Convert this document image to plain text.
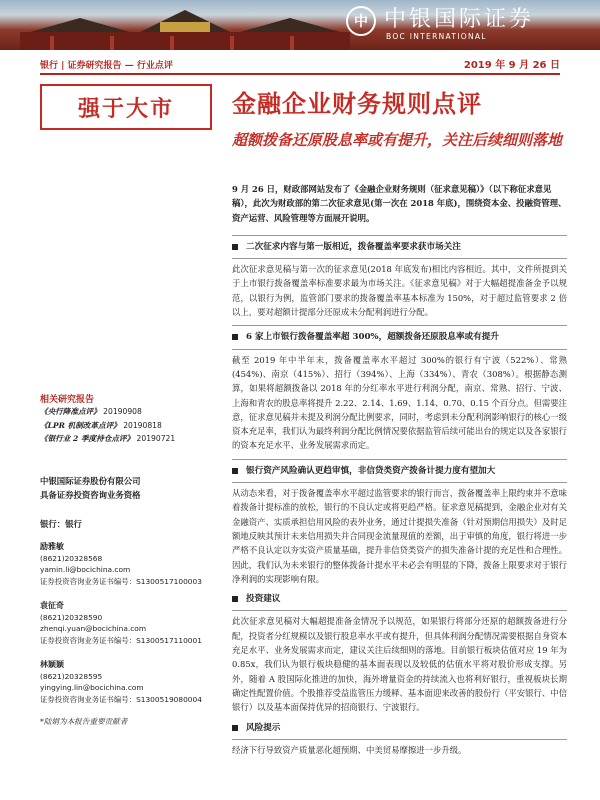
中 中银国际证券
BOC INTERNATIONAL
银行 | 证券研究报告 — 行业点评	2019 年 9 月 26 日
强于大市	金融企业财务规则点评
超额拨备还原股息率或有提升，关注后续细则落地

9 月 26 日，财政部网站发布了《金融企业财务规则（征求意见稿）》（以下称征求意见稿），此次为财政部的第二次征求意见(第一次在 2018 年底)，围绕资本金、投融资管理、资产运营、风险管理等方面展开说明。

二次征求内容与第一版相近，拨备覆盖率要求获市场关注

此次征求意见稿与第一次的征求意见(2018 年底发布)相比内容相近。其中，文件所提到关于上市银行拨备覆盖率标准要求最为市场关注。《征求意见稿》对于大幅超提准备金予以规范，以银行为例，监管部门要求的拨备覆盖率基本标准为 150%，对于超过监管要求 2 倍以上，要对超额计提部分还原成未分配利润进行分配。

6 家上市银行拨备覆盖率超 300%，超额拨备还原股息率或有提升

截至 2019 年中半年末，拨备覆盖率水平超过 300%的银行有宁波（522%）、常熟(454%)、南京（415%）、招行（394%）、上海（334%）、青农（308%）。根据静态测算，如果将超额拨备以 2018 年的分红率水平进行利润分配，南京、常熟、招行、宁波、上海和青农的股息率将提升 2.22、2.14、1.69、1.14、0.70、0.15 个百分点。但需要注意，征求意见稿并未提及利润分配比例要求，同时，考虑到未分配利润影响银行的核心一级资本充足率，我们认为最终利润分配比例情况要依据监管后续可能出台的规定以及各家银行的资本充足水平、业务发展需求而定。

银行资产风险确认更趋审慎，非信贷类资产拨备计提力度有望加大

从动态来看，对于拨备覆盖率水平超过监管要求的银行而言，拨备覆盖率上限约束并不意味着拨备计提标准的放松，银行的不良认定或将更趋严格。征求意见稿提到，金融企业对有关金融资产、实质承担信用风险的表外业务，通过计提损失准备（针对预期信用损失）及时足额地反映其预计未来信用损失并合同现金流量现值的差额，出于审慎的角度，银行将进一步严格不良认定以夯实资产质量基础，提升非信贷类资产的损失准备计提的充足性和合理性。因此，我们认为未来银行的整体拨备计提水平未必会有明显的下降，拨备上限要求对于银行净利润的实现影响有限。

投资建议

此次征求意见稿对大幅超提准备金情况予以规范，如果银行将部分还原的超额拨备进行分配，投资者分红规模以及银行股息率水平或有提升，但具体利润分配情况需要根据自身资本充足水平、业务发展需求而定，建议关注后续细则的落地。目前银行板块估值对应 19 年为 0.85x，我们认为银行板块稳健的基本面表现以及较低的估值水平将对股价形成支撑。另外，随着 A 股国际化推进的加快，海外增量资金的持续流入也将利好银行，重视板块长期确定性配置价值。个股推荐受益监管压力缓释、基本面迎来改善的股份行（平安银行、中信银行）以及基本面保持优异的招商银行、宁波银行。

风险提示

经济下行导致资产质量恶化超预期、中美贸易摩擦进一步升级。

相关研究报告
《央行降准点评》 20190908
《LPR 机制改革点评》 20190818
《银行业 2 季度持仓点评》 20190721
中银国际证券股份有限公司
具备证券投资咨询业务资格
银行：银行
励雅敏
(8621)20328568
yamin.li@bocichina.com
证券投资咨询业务证书编号：S1300517100003
袁征奇
(8621)20328590
zhenqi.yuan@bocichina.com
证券投资咨询业务证书编号：S1300517110001
林颖颖
(8621)20328595
yingying.lin@bocichina.com
证券投资咨询业务证书编号：S1300519080004
*陆娟为本报告重要贡献者
